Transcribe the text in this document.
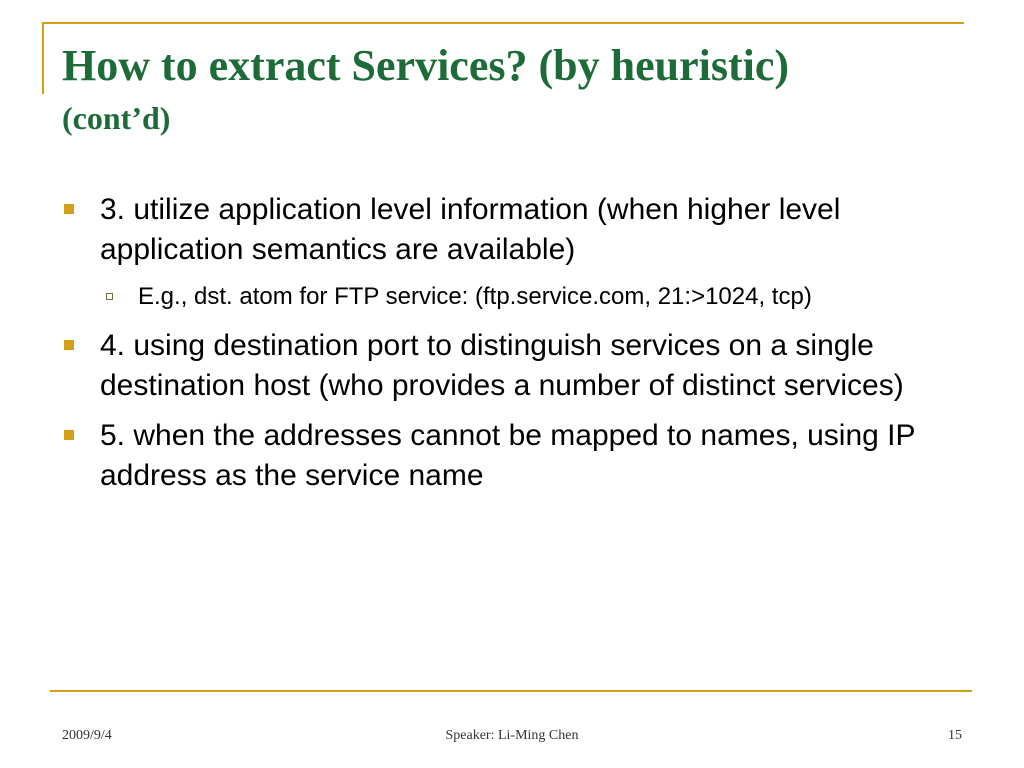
How to extract Services? (by heuristic)
(cont’d)
3. utilize application level information (when higher level application semantics are available)
E.g., dst. atom for FTP service: (ftp.service.com, 21:>1024, tcp)
4. using destination port to distinguish services on a single destination host (who provides a number of distinct services)
5. when the addresses cannot be mapped to names, using IP address as the service name
2009/9/4	Speaker: Li-Ming Chen	15
